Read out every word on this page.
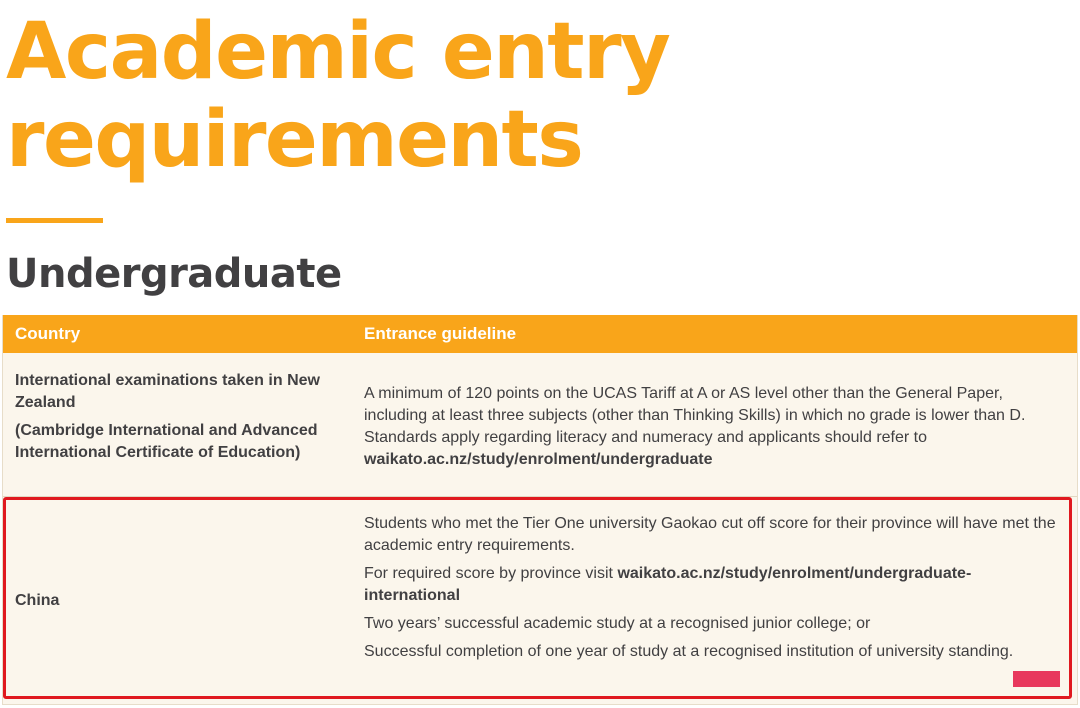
Academic entry
requirements
Undergraduate
Country	Entrance guideline

International examinations taken in New Zealand

(Cambridge International and Advanced International Certificate of Education)

A minimum of 120 points on the UCAS Tariff at A or AS level other than the General Paper, including at least three subjects (other than Thinking Skills) in which no grade is lower than D. Standards apply regarding literacy and numeracy and applicants should refer to waikato.ac.nz/study/enrolment/undergraduate

China

Students who met the Tier One university Gaokao cut off score for their province will have met the academic entry requirements.

For required score by province visit waikato.ac.nz/study/enrolment/undergraduate-international

Two years’ successful academic study at a recognised junior college; or

Successful completion of one year of study at a recognised institution of university standing.
